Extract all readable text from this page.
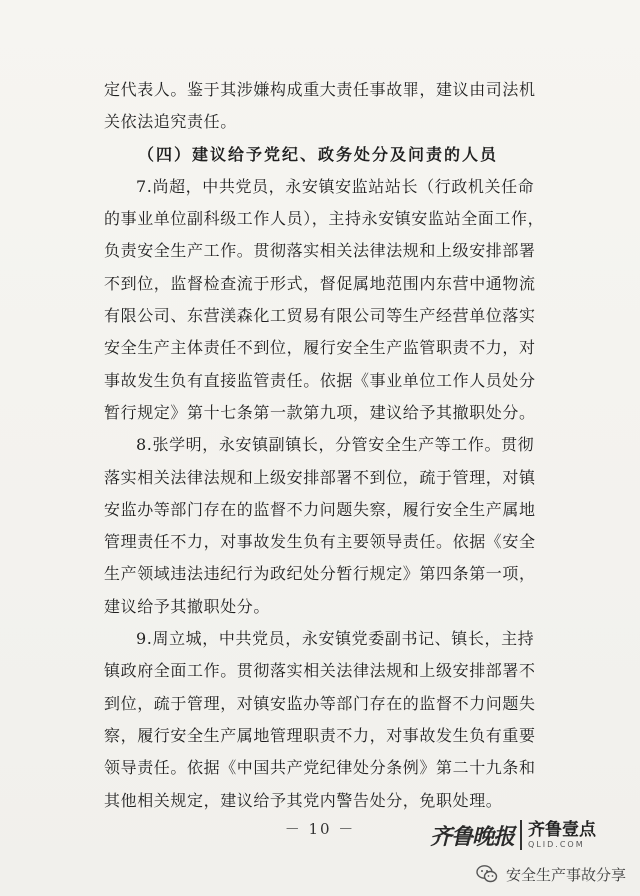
定代表人。鉴于其涉嫌构成重大责任事故罪，建议由司法机
关依法追究责任。
（四）建议给予党纪、政务处分及问责的人员
7.尚超，中共党员，永安镇安监站站长（行政机关任命
的事业单位副科级工作人员），主持永安镇安监站全面工作，
负责安全生产工作。贯彻落实相关法律法规和上级安排部署
不到位，监督检查流于形式，督促属地范围内东营中通物流
有限公司、东营渼森化工贸易有限公司等生产经营单位落实
安全生产主体责任不到位，履行安全生产监管职责不力，对
事故发生负有直接监管责任。依据《事业单位工作人员处分
暂行规定》第十七条第一款第九项，建议给予其撤职处分。
8.张学明，永安镇副镇长，分管安全生产等工作。贯彻
落实相关法律法规和上级安排部署不到位，疏于管理，对镇
安监办等部门存在的监督不力问题失察，履行安全生产属地
管理责任不力，对事故发生负有主要领导责任。依据《安全
生产领域违法违纪行为政纪处分暂行规定》第四条第一项，
建议给予其撤职处分。
9.周立城，中共党员，永安镇党委副书记、镇长，主持
镇政府全面工作。贯彻落实相关法律法规和上级安排部署不
到位，疏于管理，对镇安监办等部门存在的监督不力问题失
察，履行安全生产属地管理职责不力，对事故发生负有重要
领导责任。依据《中国共产党纪律处分条例》第二十九条和
其他相关规定，建议给予其党内警告处分，免职处理。
－ 10 －	齐鲁晚报 齐鲁壹点
QLID.COM
安全生产事故分享
